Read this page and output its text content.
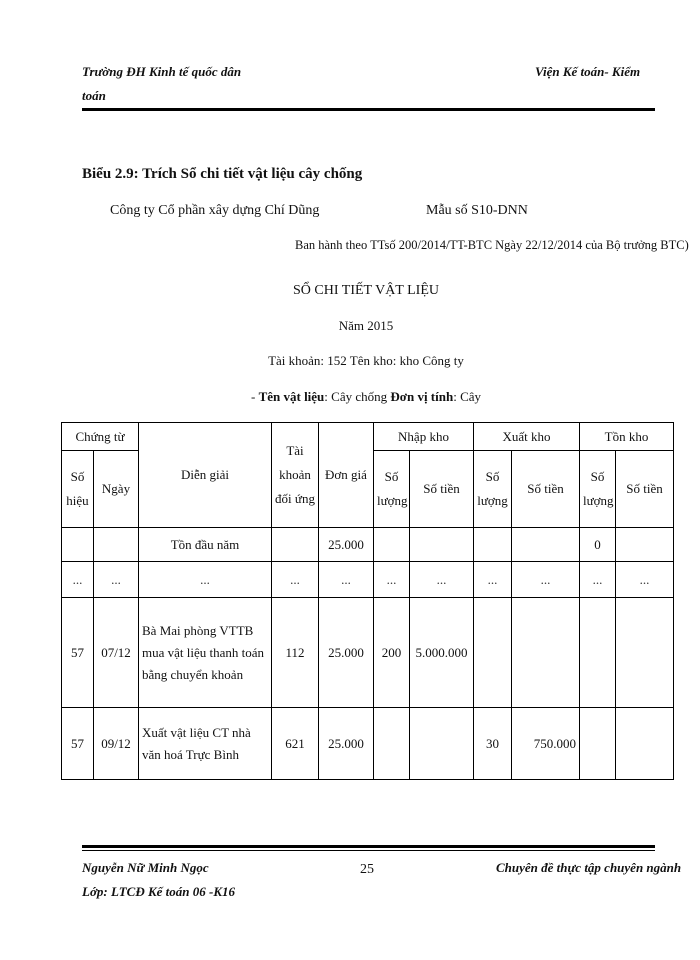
Trường ĐH Kinh tế quốc dân
toán
Viện Kế toán- Kiểm
Biểu 2.9: Trích Sổ chi tiết vật liệu cây chống
Công ty Cổ phần xây dựng Chí Dũng	Mẫu số S10-DNN
Ban hành theo TTsố 200/2014/TT-BTC Ngày 22/12/2014 của Bộ trưởng BTC)
SỔ CHI TIẾT VẬT LIỆU
Năm 2015
Tài khoản: 152 Tên kho: kho Công ty
- Tên vật liệu: Cây chống Đơn vị tính: Cây
Chứng từ		Diễn giải	Tài khoản đối ứng	Đơn giá	Nhập kho		Xuất kho		Tồn kho	
Số hiệu	Ngày				Số lượng	Số tiền	Số lượng	Số tiền	Số lượng	Số tiền
		Tồn đầu năm		25.000					0	
...	...	...	...	...	...	...	...	...	...	...
57	07/12	Bà Mai phòng VTTB mua vật liệu thanh toán bằng chuyển khoản	112	25.000	200	5.000.000				
57	09/12	Xuất vật liệu CT nhà văn hoá Trực Bình	621	25.000			30	750.000		
Nguyễn Nữ Minh Ngọc
Lớp: LTCĐ Kế toán 06 -K16
25	Chuyên đề thực tập chuyên ngành
